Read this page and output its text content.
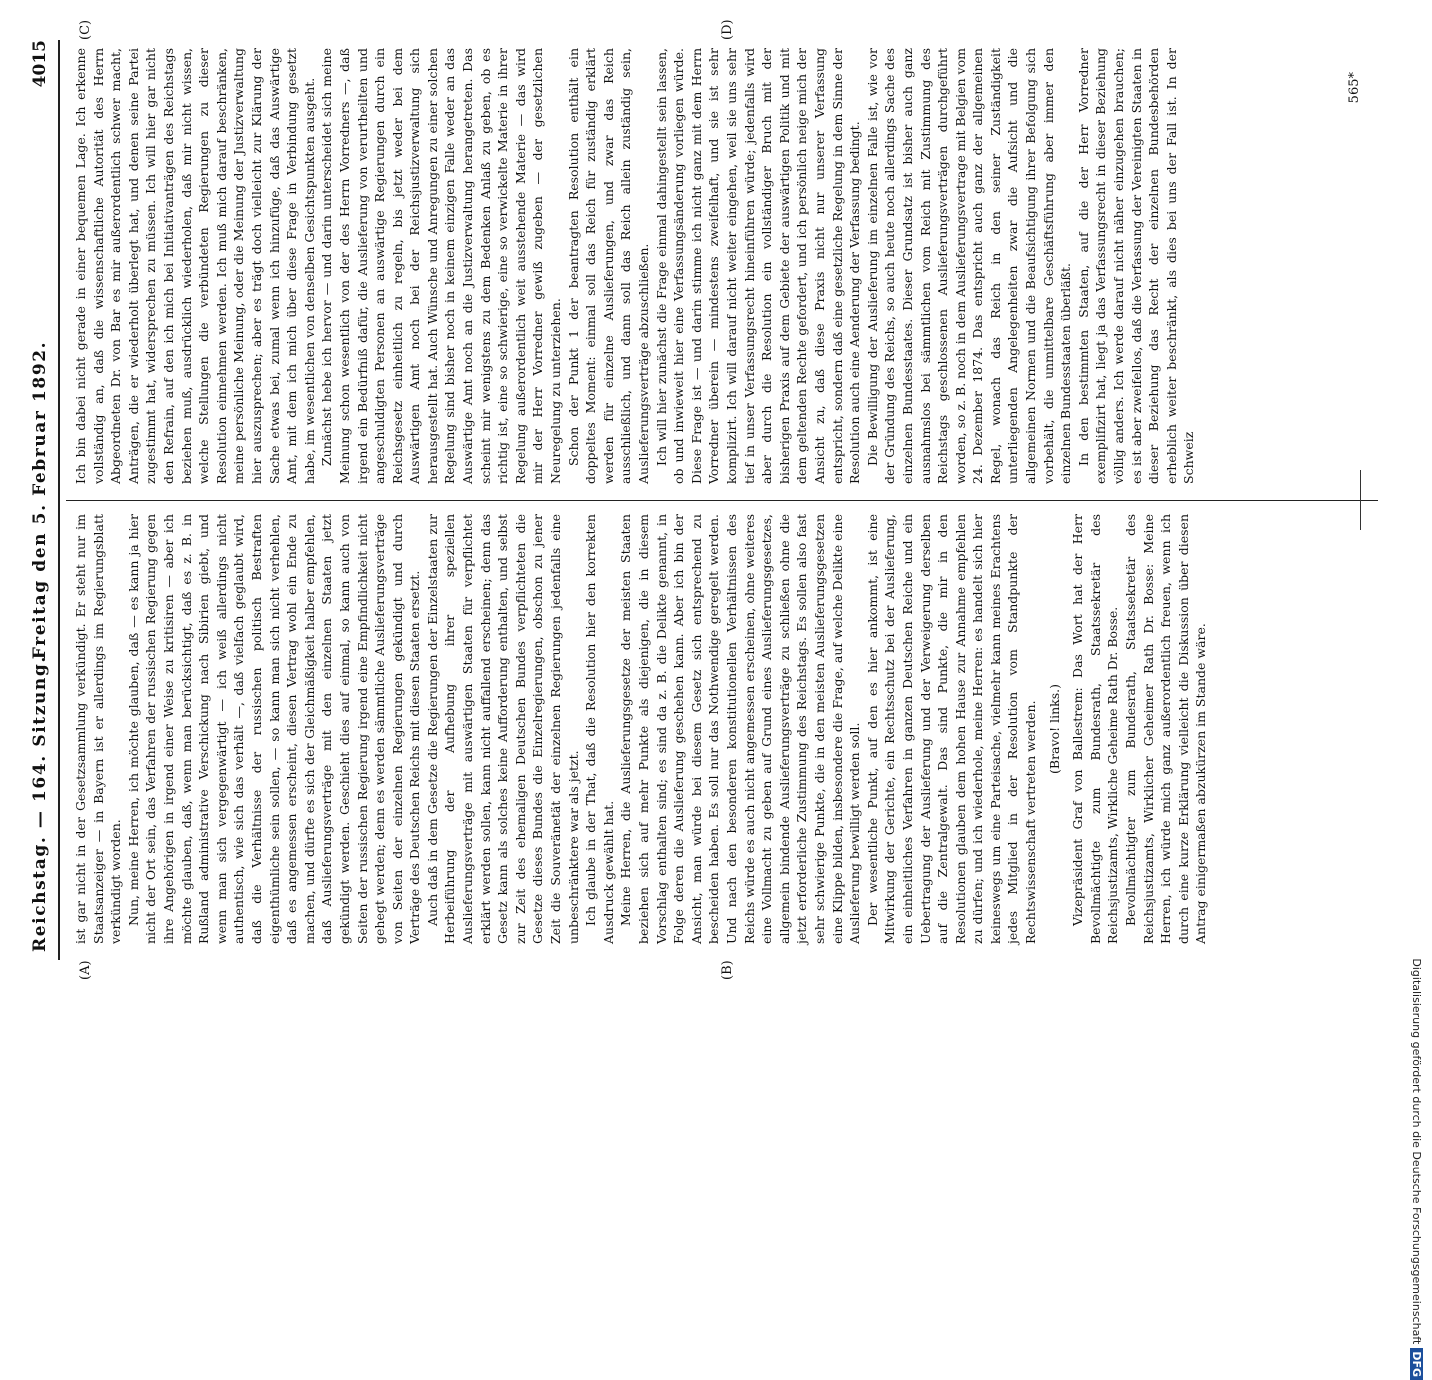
Reichstag. — 164. Sitzung.
Freitag den 5. Februar 1892.
4015
(A)	(B)
(C)	(D)

ist gar nicht in der Gesetzsammlung verkündigt. Er steht nur im Staatsanzeiger — in Bayern ist er allerdings im Regierungsblatt verkündigt worden. Nun, meine Herren, ich möchte glauben, daß — es kann ja hier nicht der Ort sein, das Verfahren der russischen Regierung gegen ihre Angehörigen in irgend einer Weise zu kritisiren — aber ich möchte glauben, daß, wenn man berücksichtigt, daß es z. B. in Rußland administrative Verschickung nach Sibirien giebt, und wenn man sich vergegenwärtigt — ich weiß allerdings nicht authentisch, wie sich das verhält —, daß vielfach geglaubt wird, daß die Verhältnisse der russischen politisch Bestraften eigenthümliche sein sollen, — so kann man sich nicht verhehlen, daß es angemessen erscheint, diesen Vertrag wohl ein Ende zu machen, und dürfte es sich der Gleichmäßigkeit halber empfehlen, daß Auslieferungsverträge mit den einzelnen Staaten jetzt gekündigt werden. Geschieht dies auf einmal, so kann auch von Seiten der russischen Regierung irgend eine Empfindlichkeit nicht gehegt werden; denn es werden sämmtliche Auslieferungsverträge von Seiten der einzelnen Regierungen gekündigt und durch Verträge des Deutschen Reichs mit diesen Staaten ersetzt. Auch daß in dem Gesetze die Regierungen der Einzelstaaten zur Herbeiführung der Aufhebung ihrer speziellen Auslieferungsverträge mit auswärtigen Staaten für verpflichtet erklärt werden sollen, kann nicht auffallend erscheinen; denn das Gesetz kann als solches keine Aufforderung enthalten, und selbst zur Zeit des ehemaligen Deutschen Bundes verpflichteten die Gesetze dieses Bundes die Einzelregierungen, obschon zu jener Zeit die Souveränetät der einzelnen Regierungen jedenfalls eine unbeschränktere war als jetzt. Ich glaube in der That, daß die Resolution hier den korrekten Ausdruck gewählt hat. Meine Herren, die Auslieferungsgesetze der meisten Staaten beziehen sich auf mehr Punkte als diejenigen, die in diesem Vorschlag enthalten sind; es sind da z. B. die Delikte genannt, in Folge deren die Auslieferung geschehen kann. Aber ich bin der Ansicht, man würde bei diesem Gesetz sich entsprechend zu bescheiden haben. Es soll nur das Nothwendige geregelt werden. Und nach den besonderen konstitutionellen Verhältnissen des Reichs würde es auch nicht angemessen erscheinen, ohne weiteres eine Vollmacht zu geben auf Grund eines Auslieferungsgesetzes, allgemein bindende Auslieferungsverträge zu schließen ohne die jetzt erforderliche Zustimmung des Reichstags. Es sollen also fast sehr schwierige Punkte, die in den meisten Auslieferungsgesetzen eine Klippe bilden, insbesondere die Frage, auf welche Delikte eine Auslieferung bewilligt werden soll. Der wesentliche Punkt, auf den es hier ankommt, ist eine Mitwirkung der Gerichte, ein Rechtsschutz bei der Auslieferung, ein einheitliches Verfahren in ganzen Deutschen Reiche und ein Uebertragung der Auslieferung und der Verweigerung derselben auf die Zentralgewalt. Das sind Punkte, die mir in den Resolutionen glauben dem hohen Hause zur Annahme empfehlen zu dürfen; und ich wiederhole, meine Herren: es handelt sich hier keineswegs um eine Parteisache, vielmehr kann meines Erachtens jedes Mitglied in der Resolution vom Standpunkte der Rechtswissenschaft vertreten werden. (Bravo! links.) Vizepräsident Graf von Ballestrem: Das Wort hat der Herr Bevollmächtigte zum Bundesrath, Staatssekretär des Reichsjustizamts, Wirkliche Geheime Rath Dr. Bosse. Bevollmächtigter zum Bundesrath, Staatssekretär des Reichsjustizamts, Wirklicher Geheimer Rath Dr. Bosse: Meine Herren, ich würde mich ganz außerordentlich freuen, wenn ich durch eine kurze Erklärung vielleicht die Diskussion über diesen Antrag einigermaßen abzukürzen im Stande wäre.

Ich bin dabei nicht gerade in einer bequemen Lage. Ich erkenne vollständig an, daß die wissenschaftliche Autorität des Herrn Abgeordneten Dr. von Bar es mir außerordentlich schwer macht, Anträgen, die er wiederholt überlegt hat, und denen seine Partei zugestimmt hat, widersprechen zu müssen. Ich will hier gar nicht den Refrain, auf den ich mich bei Initiativanträgen des Reichstags beziehen muß, ausdrücklich wiederholen, daß mir nicht wissen, welche Stellungen die verbündeten Regierungen zu dieser Resolution einnehmen werden. Ich muß mich darauf beschränken, meine persönliche Meinung, oder die Meinung der Justizverwaltung hier auszusprechen; aber es trägt doch vielleicht zur Klärung der Sache etwas bei, zumal wenn ich hinzufüge, daß das Auswärtige Amt, mit dem ich mich über diese Frage in Verbindung gesetzt habe, im wesentlichen von denselben Gesichtspunkten ausgeht. Zunächst hebe ich hervor — und darin unterscheidet sich meine Meinung schon wesentlich von der des Herrn Vorredners —, daß irgend ein Bedürfniß dafür, die Auslieferung von verurtheilten und angeschuldigten Personen an auswärtige Regierungen durch ein Reichsgesetz einheitlich zu regeln, bis jetzt weder bei dem Auswärtigen Amt noch bei der Reichsjustizverwaltung sich herausgestellt hat. Auch Wünsche und Anregungen zu einer solchen Regelung sind bisher noch in keinem einzigen Falle weder an das Auswärtige Amt noch an die Justizverwaltung herangetreten. Das scheint mir wenigstens zu dem Bedenken Anlaß zu geben, ob es richtig ist, eine so schwierige, eine so verwickelte Materie in ihrer Regelung außerordentlich weit ausstehende Materie — das wird mir der Herr Vorredner gewiß zugeben — der gesetzlichen Neuregelung zu unterziehen. Schon der Punkt 1 der beantragten Resolution enthält ein doppeltes Moment: einmal soll das Reich für zuständig erklärt werden für einzelne Auslieferungen, und zwar das Reich ausschließlich, und dann soll das Reich allein zuständig sein, Auslieferungsverträge abzuschließen. Ich will hier zunächst die Frage einmal dahingestellt sein lassen, ob und inwieweit hier eine Verfassungsänderung vorliegen würde. Diese Frage ist — und darin stimme ich nicht ganz mit dem Herrn Vorredner überein — mindestens zweifelhaft, und sie ist sehr komplizirt. Ich will darauf nicht weiter eingehen, weil sie uns sehr tief in unser Verfassungsrecht hineinführen würde; jedenfalls wird aber durch die Resolution ein vollständiger Bruch mit der bisherigen Praxis auf dem Gebiete der auswärtigen Politik und mit dem geltenden Rechte gefordert, und ich persönlich neige mich der Ansicht zu, daß diese Praxis nicht nur unserer Verfassung entspricht, sondern daß eine gesetzliche Regelung in dem Sinne der Resolution auch eine Aenderung der Verfassung bedingt. Die Bewilligung der Auslieferung im einzelnen Falle ist, wie vor der Gründung des Reichs, so auch heute noch allerdings Sache des einzelnen Bundesstaates. Dieser Grundsatz ist bisher auch ganz ausnahmslos bei sämmtlichen vom Reich mit Zustimmung des Reichstags geschlossenen Auslieferungsverträgen durchgeführt worden, so z. B. noch in dem Auslieferungsvertrage mit Belgien vom 24. Dezember 1874. Das entspricht auch ganz der allgemeinen Regel, wonach das Reich in den seiner Zuständigkeit unterliegenden Angelegenheiten zwar die Aufsicht und die allgemeinen Normen und die Beaufsichtigung ihrer Befolgung sich vorbehält, die unmittelbare Geschäftsführung aber immer den einzelnen Bundesstaaten überläßt. In den bestimmten Staaten, auf die der Herr Vorredner exemplifizirt hat, liegt ja das Verfassungsrecht in dieser Beziehung völlig anders. Ich werde darauf nicht näher einzugehen brauchen; es ist aber zweifellos, daß die Verfassung der Vereinigten Staaten in dieser Beziehung das Recht der einzelnen Bundesbehörden erheblich weiter beschränkt, als dies bei uns der Fall ist. In der Schweiz

565*
Digitalisierung gefördert durch die Deutsche ForschungsgemeinschaftDFG
